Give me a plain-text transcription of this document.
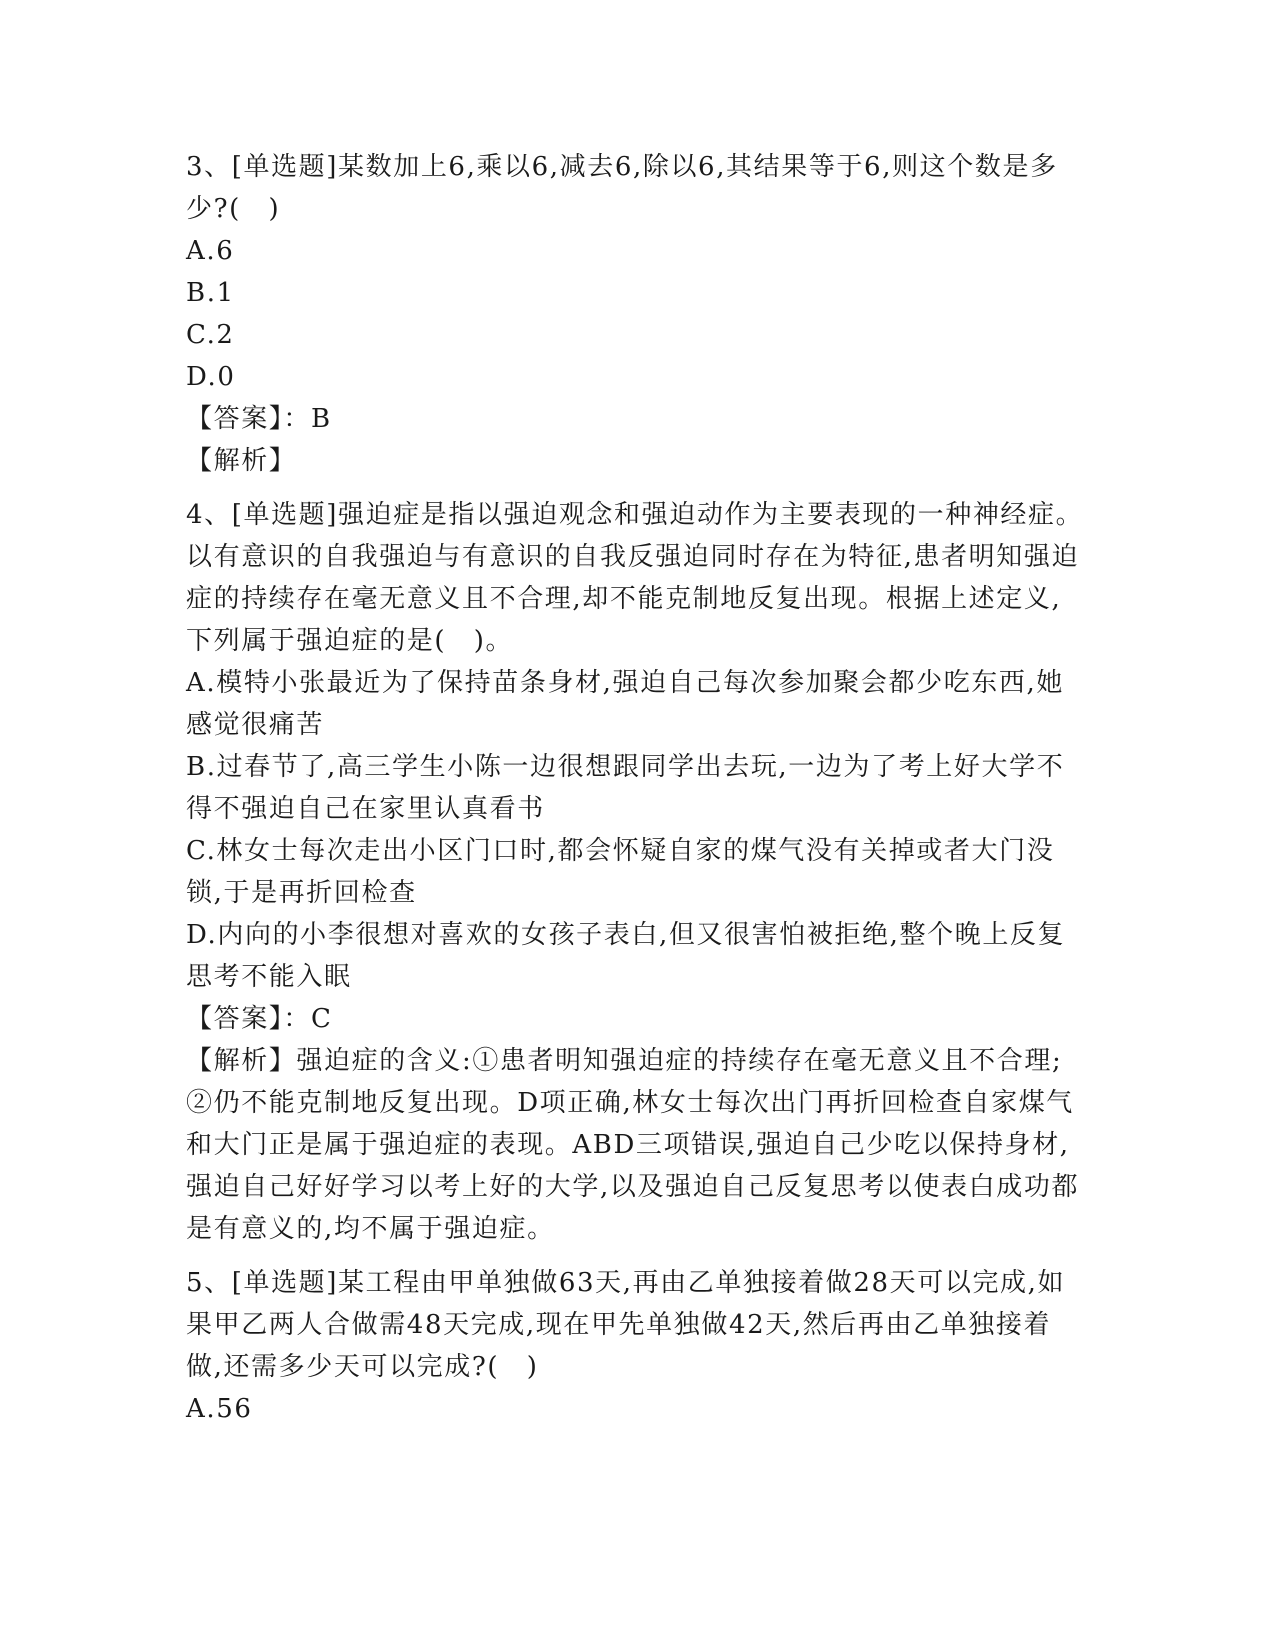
3、[单选题]某数加上6,乘以6,减去6,除以6,其结果等于6,则这个数是多少?(　)

A.6

B.1

C.2

D.0

【答案】：B

【解析】

4、[单选题]强迫症是指以强迫观念和强迫动作为主要表现的一种神经症。以有意识的自我强迫与有意识的自我反强迫同时存在为特征,患者明知强迫症的持续存在毫无意义且不合理,却不能克制地反复出现。根据上述定义,下列属于强迫症的是(　)。

A.模特小张最近为了保持苗条身材,强迫自己每次参加聚会都少吃东西,她感觉很痛苦

B.过春节了,高三学生小陈一边很想跟同学出去玩,一边为了考上好大学不得不强迫自己在家里认真看书

C.林女士每次走出小区门口时,都会怀疑自家的煤气没有关掉或者大门没锁,于是再折回检查

D.内向的小李很想对喜欢的女孩子表白,但又很害怕被拒绝,整个晚上反复思考不能入眠

【答案】：C

【解析】强迫症的含义:①患者明知强迫症的持续存在毫无意义且不合理;②仍不能克制地反复出现。D项正确,林女士每次出门再折回检查自家煤气和大门正是属于强迫症的表现。ABD三项错误,强迫自己少吃以保持身材,强迫自己好好学习以考上好的大学,以及强迫自己反复思考以使表白成功都是有意义的,均不属于强迫症。

5、[单选题]某工程由甲单独做63天,再由乙单独接着做28天可以完成,如果甲乙两人合做需48天完成,现在甲先单独做42天,然后再由乙单独接着做,还需多少天可以完成?(　)

A.56
